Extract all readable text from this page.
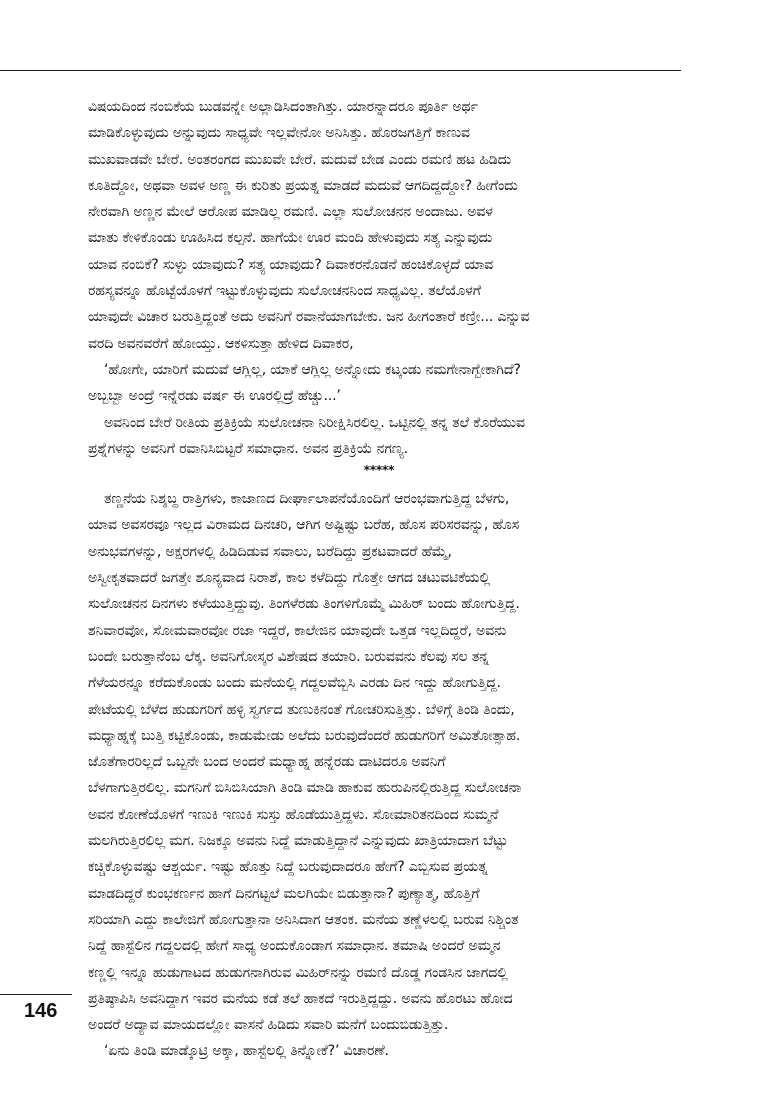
ವಿಷಯದಿಂದ ನಂಬಿಕೆಯ ಬುಡವನ್ನೇ ಅಲ್ಲಾಡಿಸಿದಂತಾಗಿತ್ತು. ಯಾರನ್ನಾದರೂ ಪೂರ್ತಿ ಅರ್ಥ
ಮಾಡಿಕೊಳ್ಳುವುದು ಅನ್ನುವುದು ಸಾಧ್ಯವೇ ಇಲ್ಲವೇನೋ ಅನಿಸಿತ್ತು. ಹೊರಜಗತ್ತಿಗೆ ಕಾಣುವ
ಮುಖವಾಡವೇ ಬೇರೆ. ಅಂತರಂಗದ ಮುಖವೇ ಬೇರೆ. ಮದುವೆ ಬೇಡ ಎಂದು ರಮಣಿ ಹಟ ಹಿಡಿದು
ಕೂತಿದ್ದೋ, ಅಥವಾ ಅವಳ ಅಣ್ಣ ಈ ಕುರಿತು ಪ್ರಯತ್ನ ಮಾಡದೆ ಮದುವೆ ಆಗದಿದ್ದದ್ದೋ? ಹೀಗೆಂದು
ನೇರವಾಗಿ ಅಣ್ಣನ ಮೇಲೆ ಆರೋಪ ಮಾಡಿಲ್ಲ ರಮಣಿ. ಎಲ್ಲಾ ಸುಲೋಚನನ ಅಂದಾಜು. ಅವಳ
ಮಾತು ಕೇಳಿಕೊಂಡು ಊಹಿಸಿದ ಕಲ್ಪನೆ. ಹಾಗೆಯೇ ಊರ ಮಂದಿ ಹೇಳುವುದು ಸತ್ಯ ಎನ್ನುವುದು
ಯಾವ ನಂಬಿಕೆ? ಸುಳ್ಳು ಯಾವುದು? ಸತ್ಯ ಯಾವುದು? ದಿವಾಕರನೊಡನೆ ಹಂಚಿಕೊಳ್ಳದೆ ಯಾವ
ರಹಸ್ಯವನ್ನೂ ಹೊಟ್ಟೆಯೊಳಗೆ ಇಟ್ಟುಕೊಳ್ಳುವುದು ಸುಲೋಚನನಿಂದ ಸಾಧ್ಯವಿಲ್ಲ. ತಲೆಯೊಳಗೆ
ಯಾವುದೇ ವಿಚಾರ ಬರುತ್ತಿದ್ದಂತೆ ಅದು ಅವನಿಗೆ ರವಾನೆಯಾಗಬೇಕು. ಜನ ಹೀಗಂತಾರೆ ಕಣ್ರೀ... ಎನ್ನುವ
ವರದಿ ಅವನವರೆಗೆ ಹೋಯ್ತು. ಆಕಳಿಸುತ್ತಾ ಹೇಳಿದ ದಿವಾಕರ,
‘ಹೋಗೇ, ಯಾರಿಗೆ ಮದುವೆ ಆಗ್ಲಿಲ್ಲ, ಯಾಕೆ ಆಗ್ಲಿಲ್ಲ ಅನ್ನೋದು ಕಟ್ಕಂಡು ನಮಗೇನಾಗ್ಬೇಕಾಗಿದೆ?
ಅಬ್ಬಬ್ಬಾ ಅಂದ್ರೆ ಇನ್ನೆರಡು ವರ್ಷ ಈ ಊರಲ್ಲಿದ್ರೆ ಹೆಚ್ಚು...’
ಅವನಿಂದ ಬೇರೆ ರೀತಿಯ ಪ್ರತಿಕ್ರಿಯೆ ಸುಲೋಚನಾ ನಿರೀಕ್ಷಿಸಿರಲಿಲ್ಲ. ಒಟ್ಟಿನಲ್ಲಿ ತನ್ನ ತಲೆ ಕೊರೆಯುವ
ಪ್ರಶ್ನೆಗಳನ್ನು ಅವನಿಗೆ ರವಾನಿಸಿಬಿಟ್ಟರೆ ಸಮಾಧಾನ. ಅವನ ಪ್ರತಿಕ್ರಿಯೆ ನಗಣ್ಯ.
*****
ತಣ್ಣನೆಯ ನಿಶ್ಶಬ್ದ ರಾತ್ರಿಗಳು, ಕಾಜಾಣದ ದೀರ್ಘಾಲಾಪನೆಯೊಂದಿಗೆ ಆರಂಭವಾಗುತ್ತಿದ್ದ ಬೆಳಗು,
ಯಾವ ಅವಸರವೂ ಇಲ್ಲದ ವಿರಾಮದ ದಿನಚರಿ, ಆಗಿಗ ಅಷ್ಟಿಷ್ಟು ಬರೆಹ, ಹೊಸ ಪರಿಸರವನ್ನು, ಹೊಸ
ಅನುಭವಗಳನ್ನು, ಅಕ್ಷರಗಳಲ್ಲಿ ಹಿಡಿದಿಡುವ ಸವಾಲು, ಬರೆದಿದ್ದು ಪ್ರಕಟವಾದರೆ ಹೆಮ್ಮೆ,
ಅಸ್ವೀಕೃತವಾದರೆ ಜಗತ್ತೇ ಶೂನ್ಯವಾದ ನಿರಾಶೆ, ಕಾಲ ಕಳೆದಿದ್ದು ಗೊತ್ತೇ ಆಗದ ಚಟುವಟಿಕೆಯಲ್ಲಿ
ಸುಲೋಚನನ ದಿನಗಳು ಕಳೆಯುತ್ತಿದ್ದುವು. ತಿಂಗಳೆರಡು ತಿಂಗಳಿಗೊಮ್ಮೆ ಮಿಹಿರ್ ಬಂದು ಹೋಗುತ್ತಿದ್ದ.
ಶನಿವಾರವೋ, ಸೋಮವಾರವೋ ರಜಾ ಇದ್ದರೆ, ಕಾಲೇಜಿನ ಯಾವುದೇ ಒತ್ತಡ ಇಲ್ಲದಿದ್ದರೆ, ಅವನು
ಬಂದೇ ಬರುತ್ತಾನೆಂಬ ಲೆಕ್ಕ. ಅವನಿಗೋಸ್ಕರ ವಿಶೇಷದ ತಯಾರಿ. ಬರುವವನು ಕೆಲವು ಸಲ ತನ್ನ
ಗೆಳೆಯರನ್ನೂ ಕರೆದುಕೊಂಡು ಬಂದು ಮನೆಯಲ್ಲಿ ಗದ್ದಲವೆಬ್ಬಿಸಿ ಎರಡು ದಿನ ಇದ್ದು ಹೋಗುತ್ತಿದ್ದ.
ಪೇಟೆಯಲ್ಲಿ ಬೆಳೆದ ಹುಡುಗರಿಗೆ ಹಳ್ಳಿ ಸ್ವರ್ಗದ ತುಣುಕಿನಂತೆ ಗೋಚರಿಸುತ್ತಿತ್ತು. ಬೆಳಿಗ್ಗೆ ತಿಂಡಿ ತಿಂದು,
ಮಧ್ಯಾಹ್ನಕ್ಕೆ ಬುತ್ತಿ ಕಟ್ಟಿಕೊಂಡು, ಕಾಡುಮೇಡು ಅಲೆದು ಬರುವುದೆಂದರೆ ಹುಡುಗರಿಗೆ ಅಮಿತೋತ್ಸಾಹ.
ಜೊತೆಗಾರರಿಲ್ಲದೆ ಒಬ್ಬನೇ ಬಂದ ಅಂದರೆ ಮಧ್ಯಾಹ್ನ ಹನ್ನೆರಡು ದಾಟಿದರೂ ಅವನಿಗೆ
ಬೆಳಗಾಗುತ್ತಿರಲಿಲ್ಲ. ಮಗನಿಗೆ ಬಿಸಿಬಿಸಿಯಾಗಿ ತಿಂಡಿ ಮಾಡಿ ಹಾಕುವ ಹುರುಪಿನಲ್ಲಿರುತ್ತಿದ್ದ ಸುಲೋಚನಾ
ಅವನ ಕೋಣೆಯೊಳಗೆ ಇಣುಕಿ ಇಣುಕಿ ಸುಸ್ತು ಹೊಡೆಯುತ್ತಿದ್ದಳು. ಸೋಮಾರಿತನದಿಂದ ಸುಮ್ಮನೆ
ಮಲಗಿರುತ್ತಿರಲಿಲ್ಲ ಮಗ. ನಿಜಕ್ಕೂ ಅವನು ನಿದ್ದೆ ಮಾಡುತ್ತಿದ್ದಾನೆ ಎನ್ನುವುದು ಖಾತ್ರಿಯಾದಾಗ ಬೆಟ್ಟು
ಕಚ್ಚಿಕೊಳ್ಳುವಷ್ಟು ಆಶ್ಚರ್ಯ. ಇಷ್ಟು ಹೊತ್ತು ನಿದ್ದೆ ಬರುವುದಾದರೂ ಹೇಗೆ? ಎಬ್ಬಿಸುವ ಪ್ರಯತ್ನ
ಮಾಡದಿದ್ದರೆ ಕುಂಭಕರ್ಣನ ಹಾಗೆ ದಿನಗಟ್ಟಲೆ ಮಲಗಿಯೇ ಬಿಡುತ್ತಾನಾ? ಪುಣ್ಯಾತ್ಮ, ಹೊತ್ತಿಗೆ
ಸರಿಯಾಗಿ ಎದ್ದು ಕಾಲೇಜಿಗೆ ಹೋಗುತ್ತಾನಾ ಅನಿಸಿದಾಗ ಆತಂಕ. ಮನೆಯ ತಣ್ಣೆಳಲಲ್ಲಿ ಬರುವ ನಿಶ್ಚಿಂತ
ನಿದ್ದೆ ಹಾಸ್ಟೆಲಿನ ಗದ್ದಲದಲ್ಲಿ ಹೇಗೆ ಸಾಧ್ಯ ಅಂದುಕೊಂಡಾಗ ಸಮಾಧಾನ. ತಮಾಷಿ ಅಂದರೆ ಅಮ್ಮನ
ಕಣ್ಣಲ್ಲಿ ಇನ್ನೂ ಹುಡುಗಾಟದ ಹುಡುಗನಾಗಿರುವ ಮಿಹಿರ್‌ನನ್ನು ರಮಣಿ ದೊಡ್ಡ ಗಂಡಸಿನ ಜಾಗದಲ್ಲಿ
ಪ್ರತಿಷ್ಠಾಪಿಸಿ ಅವನಿದ್ದಾಗ ಇವರ ಮನೆಯ ಕಡೆ ತಲೆ ಹಾಕದೆ ಇರುತ್ತಿದ್ದದ್ದು. ಅವನು ಹೊರಟು ಹೋದ
ಅಂದರೆ ಅದ್ಯಾವ ಮಾಯದಲ್ಲೋ ವಾಸನೆ ಹಿಡಿದು ಸವಾರಿ ಮನೆಗೆ ಬಂದುಬಿಡುತ್ತಿತ್ತು.
‘ಏನು ತಿಂಡಿ ಮಾಡ್ಕೊಟ್ರಿ ಅಕ್ಕಾ, ಹಾಸ್ಟೆಲಲ್ಲಿ ತಿನ್ನೋಕೆ?’ ವಿಚಾರಣೆ.
146
